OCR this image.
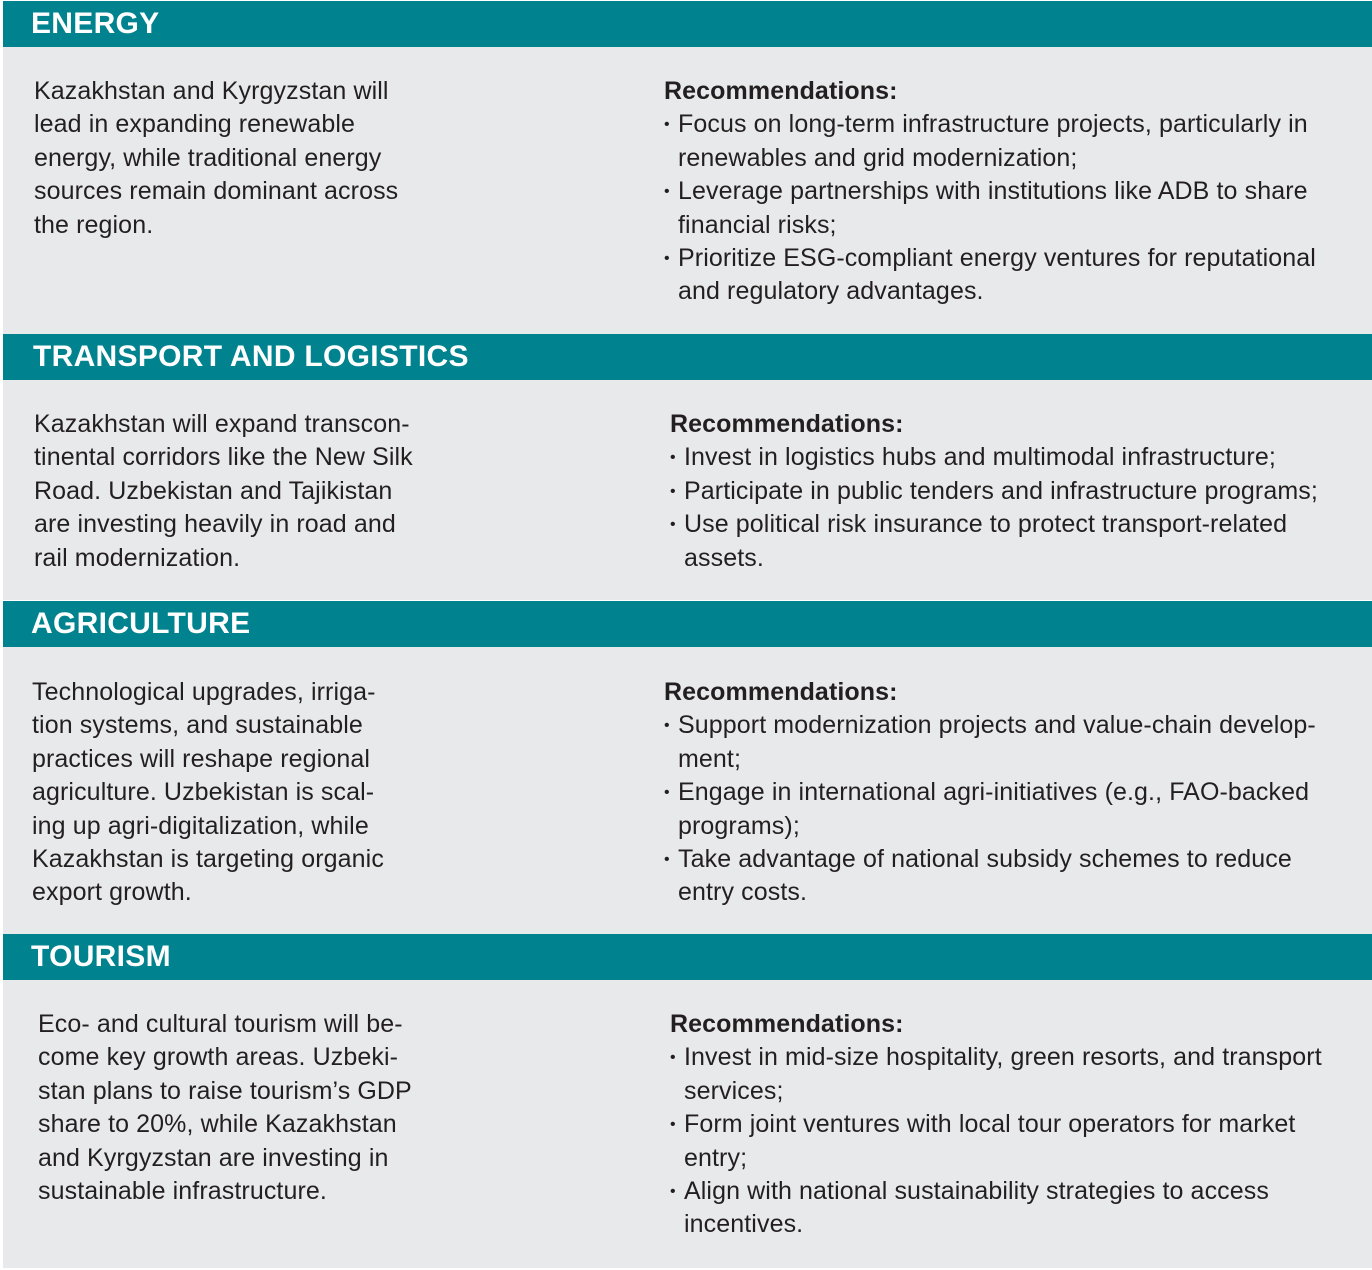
ENERGY
Kazakhstan and Kyrgyzstan will
lead in expanding renewable
energy, while traditional energy
sources remain dominant across
the region.
Recommendations:
• Focus on long-term infrastructure projects, particularly in
renewables and grid modernization;
• Leverage partnerships with institutions like ADB to share
financial risks;
• Prioritize ESG-compliant energy ventures for reputational
and regulatory advantages.
TRANSPORT AND LOGISTICS
Kazakhstan will expand transcon-
tinental corridors like the New Silk
Road. Uzbekistan and Tajikistan
are investing heavily in road and
rail modernization.
Recommendations:
• Invest in logistics hubs and multimodal infrastructure;
• Participate in public tenders and infrastructure programs;
• Use political risk insurance to protect transport-related
assets.
AGRICULTURE
Technological upgrades, irriga-
tion systems, and sustainable
practices will reshape regional
agriculture. Uzbekistan is scal-
ing up agri-digitalization, while
Kazakhstan is targeting organic
export growth.
Recommendations:
• Support modernization projects and value-chain develop-
ment;
• Engage in international agri-initiatives (e.g., FAO-backed
programs);
• Take advantage of national subsidy schemes to reduce
entry costs.
TOURISM
Eco- and cultural tourism will be-
come key growth areas. Uzbeki-
stan plans to raise tourism’s GDP
share to 20%, while Kazakhstan
and Kyrgyzstan are investing in
sustainable infrastructure.
Recommendations:
• Invest in mid-size hospitality, green resorts, and transport
services;
• Form joint ventures with local tour operators for market
entry;
• Align with national sustainability strategies to access
incentives.
